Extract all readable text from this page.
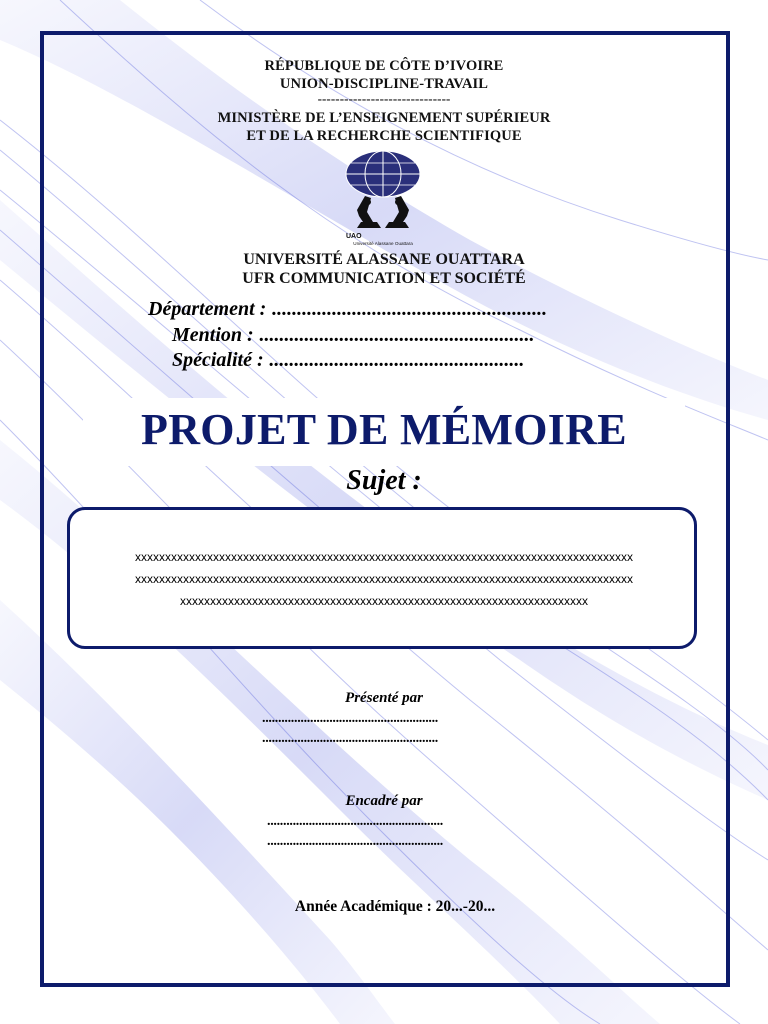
RÉPUBLIQUE DE CÔTE D’IVOIRE
UNION-DISCIPLINE-TRAVAIL
------------------------------
MINISTÈRE DE L’ENSEIGNEMENT SUPÉRIEUR
ET DE LA RECHERCHE SCIENTIFIQUE
UAO
Université Alassane Ouattara
UNIVERSITÉ ALASSANE OUATTARA
UFR COMMUNICATION ET SOCIÉTÉ
Département : .......................................................
Mention : .......................................................
Spécialité : ...................................................
PROJET DE MÉMOIRE
Sujet :
xxxxxxxxxxxxxxxxxxxxxxxxxxxxxxxxxxxxxxxxxxxxxxxxxxxxxxxxxxxxxxxxxxxxxxxxxxxxxxxxxxx
xxxxxxxxxxxxxxxxxxxxxxxxxxxxxxxxxxxxxxxxxxxxxxxxxxxxxxxxxxxxxxxxxxxxxxxxxxxxxxxxxxx
xxxxxxxxxxxxxxxxxxxxxxxxxxxxxxxxxxxxxxxxxxxxxxxxxxxxxxxxxxxxxxxxxxxx
Présenté par
.......................................................
.......................................................
Encadré par
.......................................................
.......................................................
Année Académique : 20...-20...
